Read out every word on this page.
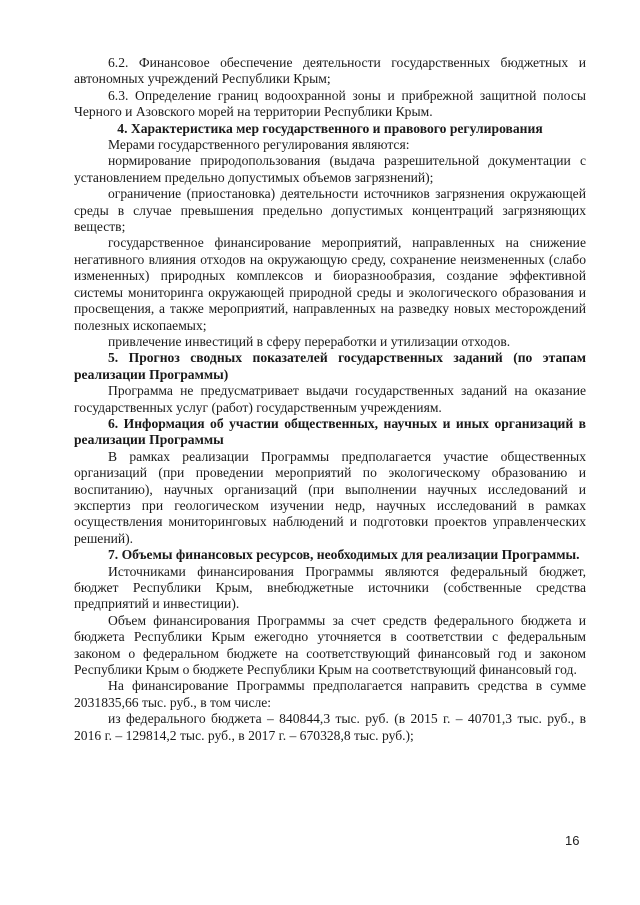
6.2. Финансовое обеспечение деятельности государственных бюджетных и автономных учреждений Республики Крым;

6.3. Определение границ водоохранной зоны и прибрежной защитной полосы Черного и Азовского морей на территории Республики Крым.

4. Характеристика мер государственного и правового регулирования

Мерами государственного регулирования являются:

нормирование природопользования (выдача разрешительной документации с установлением предельно допустимых объемов загрязнений);

ограничение (приостановка) деятельности источников загрязнения окружающей среды в случае превышения предельно допустимых концентраций загрязняющих веществ;

государственное финансирование мероприятий, направленных на снижение негативного влияния отходов на окружающую среду, сохранение неизмененных (слабо измененных) природных комплексов и биоразнообразия, создание эффективной системы мониторинга окружающей природной среды и экологического образования и просвещения, а также мероприятий, направленных на разведку новых месторождений полезных ископаемых;

привлечение инвестиций в сферу переработки и утилизации отходов.

5. Прогноз сводных показателей государственных заданий (по этапам реализации Программы)

Программа не предусматривает выдачи государственных заданий на оказание государственных услуг (работ) государственным учреждениям.

6. Информация об участии общественных, научных и иных организаций в реализации Программы

В рамках реализации Программы предполагается участие общественных организаций (при проведении мероприятий по экологическому образованию и воспитанию), научных организаций (при выполнении научных исследований и экспертиз при геологическом изучении недр, научных исследований в рамках осуществления мониторинговых наблюдений и подготовки проектов управленческих решений).

7. Объемы финансовых ресурсов, необходимых для реализации Программы.

Источниками финансирования Программы являются федеральный бюджет, бюджет Республики Крым, внебюджетные источники (собственные средства предприятий и инвестиции).

Объем финансирования Программы за счет средств федерального бюджета и бюджета Республики Крым ежегодно уточняется в соответствии с федеральным законом о федеральном бюджете на соответствующий финансовый год и законом Республики Крым о бюджете Республики Крым на соответствующий финансовый год.

На финансирование Программы предполагается направить средства в сумме 2031835,66 тыс. руб., в том числе:

из федерального бюджета – 840844,3 тыс. руб. (в 2015 г. – 40701,3 тыс. руб., в 2016 г. – 129814,2 тыс. руб., в 2017 г. – 670328,8 тыс. руб.);

16
